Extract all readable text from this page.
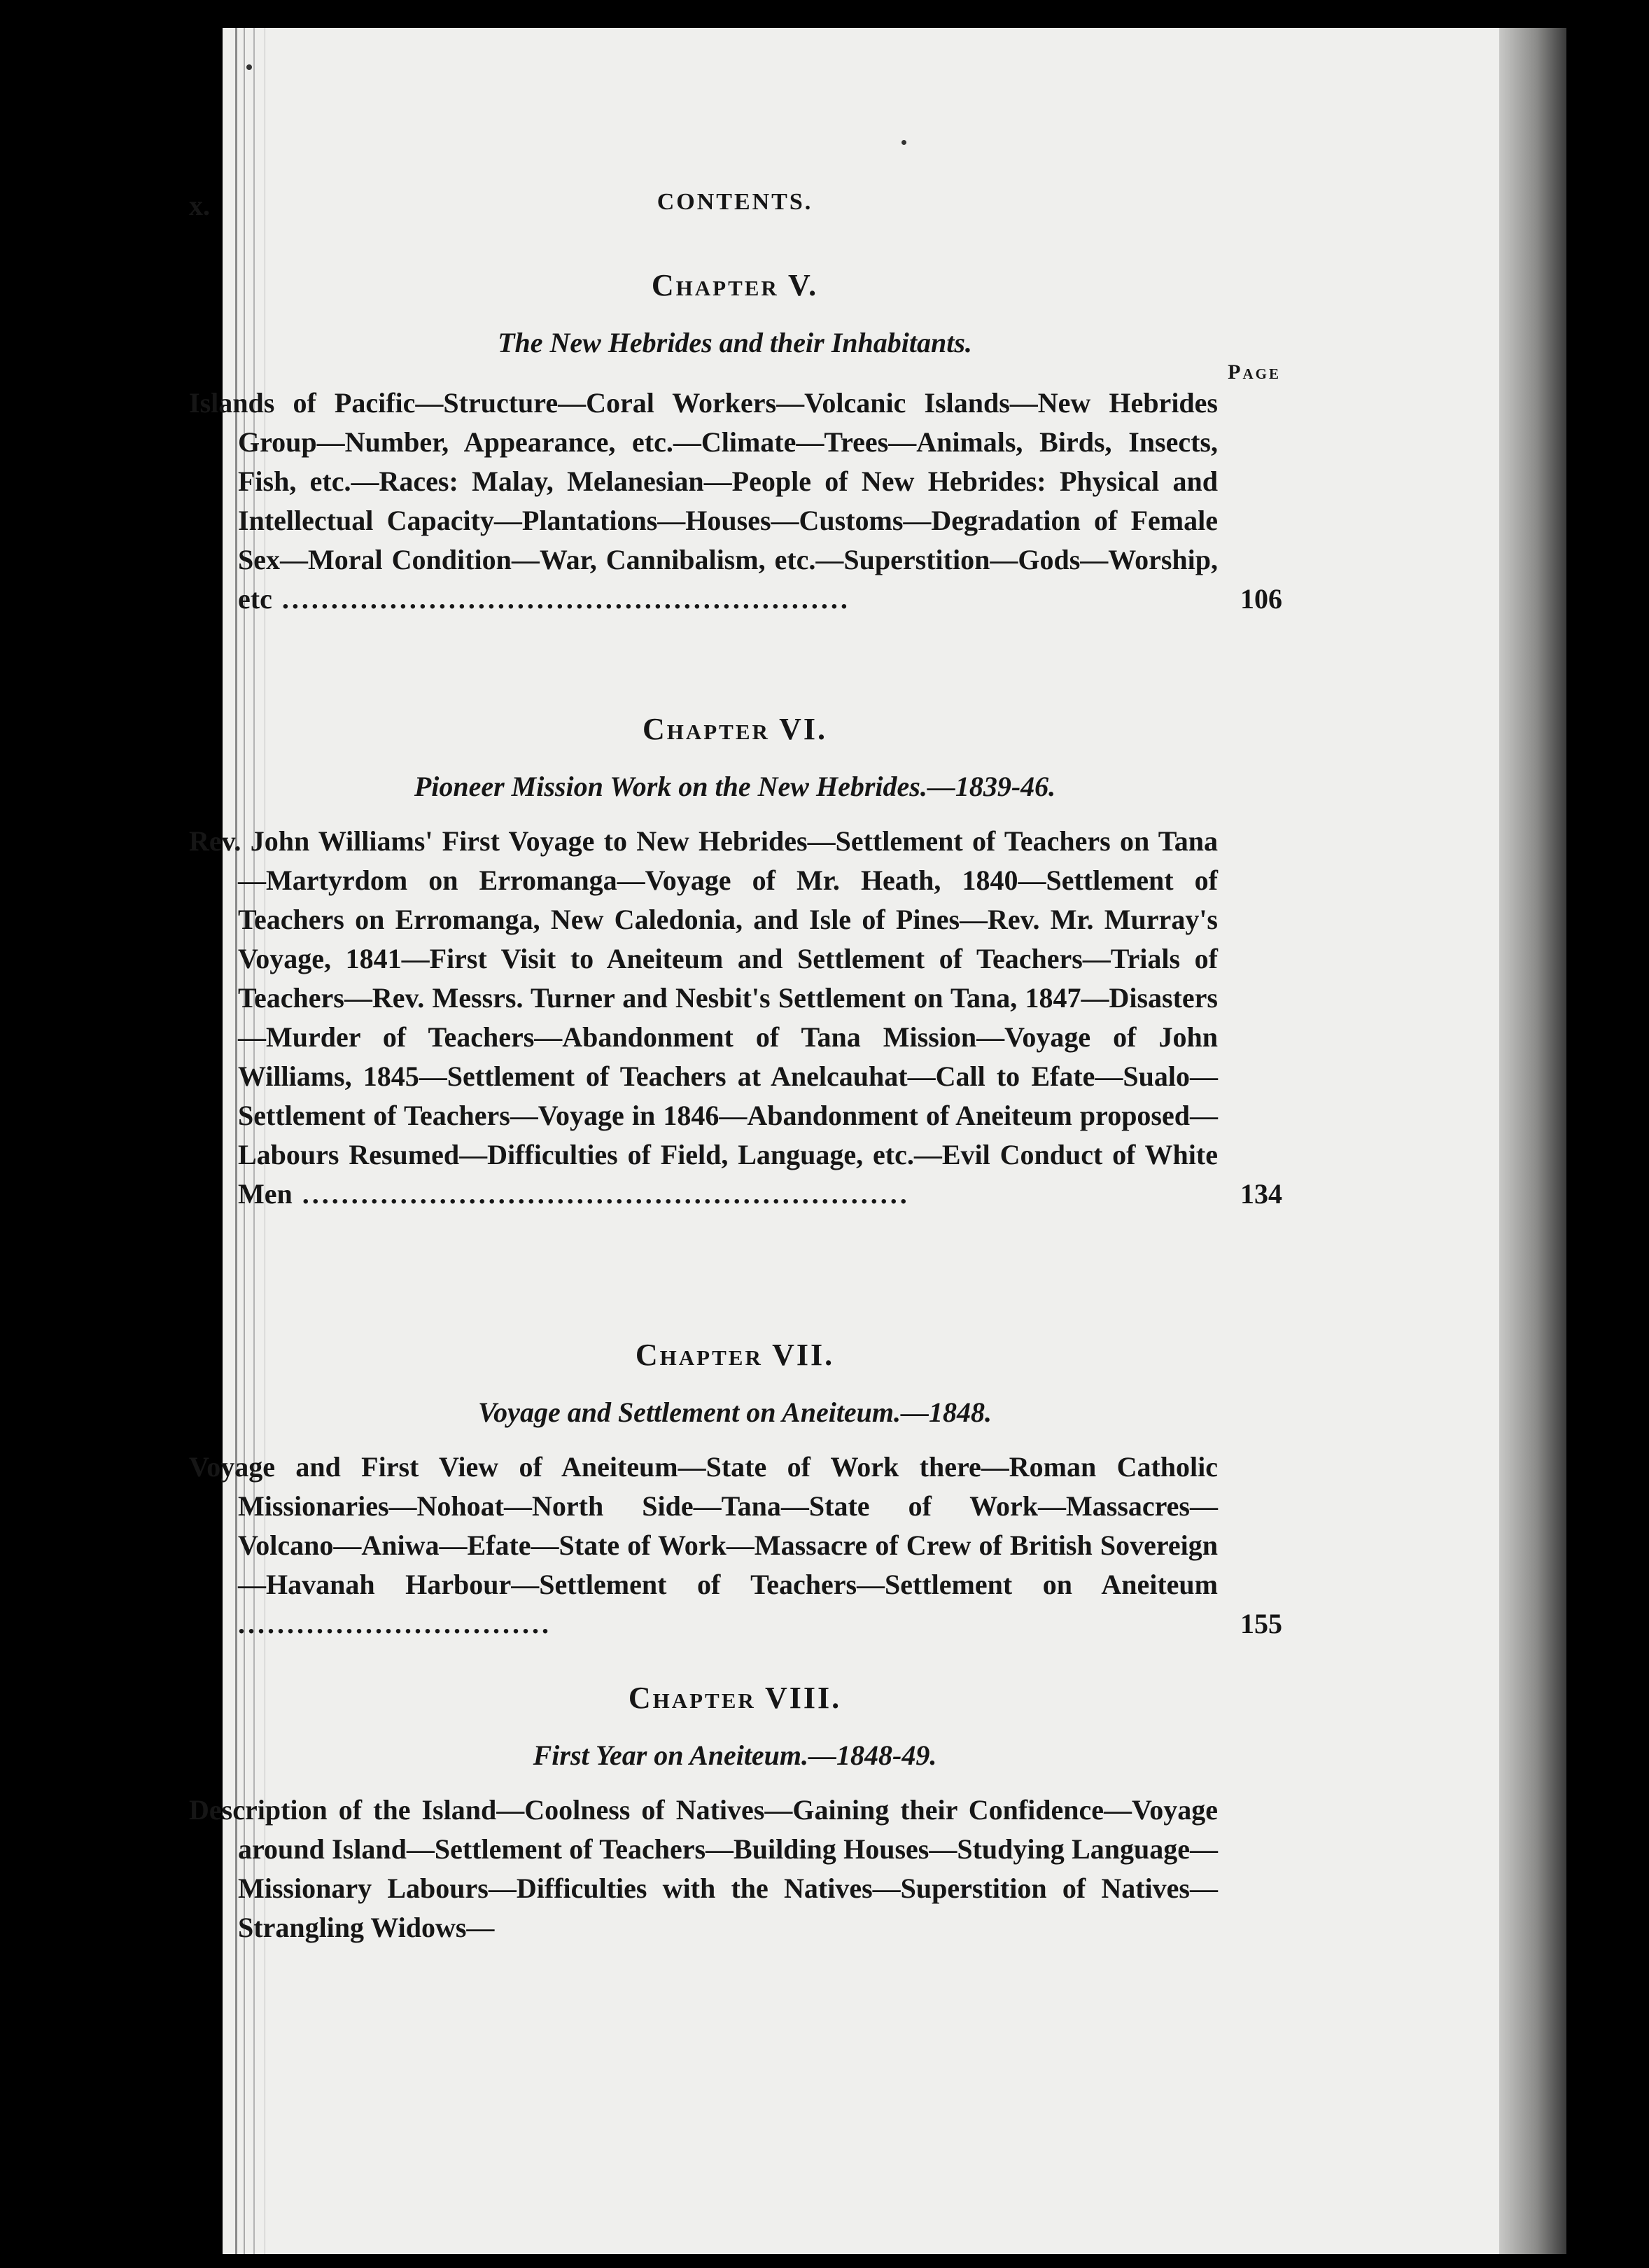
x.	CONTENTS.
Chapter V.
The New Hebrides and their Inhabitants.
Page
Islands of Pacific—Structure—Coral Workers—Volcanic Islands—New Hebrides Group—Number, Appearance, etc.—Climate—Trees—Animals, Birds, Insects, Fish, etc.—Races: Malay, Melanesian—People of New Hebrides: Physical and Intellectual Capacity—Plantations—Houses—Customs—Degradation of Female Sex—Moral Condition—War, Cannibalism, etc.—Superstition—Gods—Worship, etc ..........................................................	106
Chapter VI.
Pioneer Mission Work on the New Hebrides.—1839-46.
Rev. John Williams' First Voyage to New Hebrides—Settlement of Teachers on Tana—Martyrdom on Erromanga—Voyage of Mr. Heath, 1840—Settlement of Teachers on Erromanga, New Caledonia, and Isle of Pines—Rev. Mr. Murray's Voyage, 1841—First Visit to Aneiteum and Settlement of Teachers—Trials of Teachers—Rev. Messrs. Turner and Nesbit's Settlement on Tana, 1847—Disasters—Murder of Teachers—Abandonment of Tana Mission—Voyage of John Williams, 1845—Settlement of Teachers at Anelcauhat—Call to Efate—Sualo—Settlement of Teachers—Voyage in 1846—Abandonment of Aneiteum proposed—Labours Resumed—Difficulties of Field, Language, etc.—Evil Conduct of White Men ..............................................................	134
Chapter VII.
Voyage and Settlement on Aneiteum.—1848.
Voyage and First View of Aneiteum—State of Work there—Roman Catholic Missionaries—Nohoat—North Side—Tana—State of Work—Massacres—Volcano—Aniwa—Efate—State of Work—Massacre of Crew of British Sovereign—Havanah Harbour—Settlement of Teachers—Settlement on Aneiteum ................................	155
Chapter VIII.
First Year on Aneiteum.—1848-49.
Description of the Island—Coolness of Natives—Gaining their Confidence—Voyage around Island—Settlement of Teachers—Building Houses—Studying Language—Missionary Labours—Difficulties with the Natives—Superstition of Natives—Strangling Widows—
